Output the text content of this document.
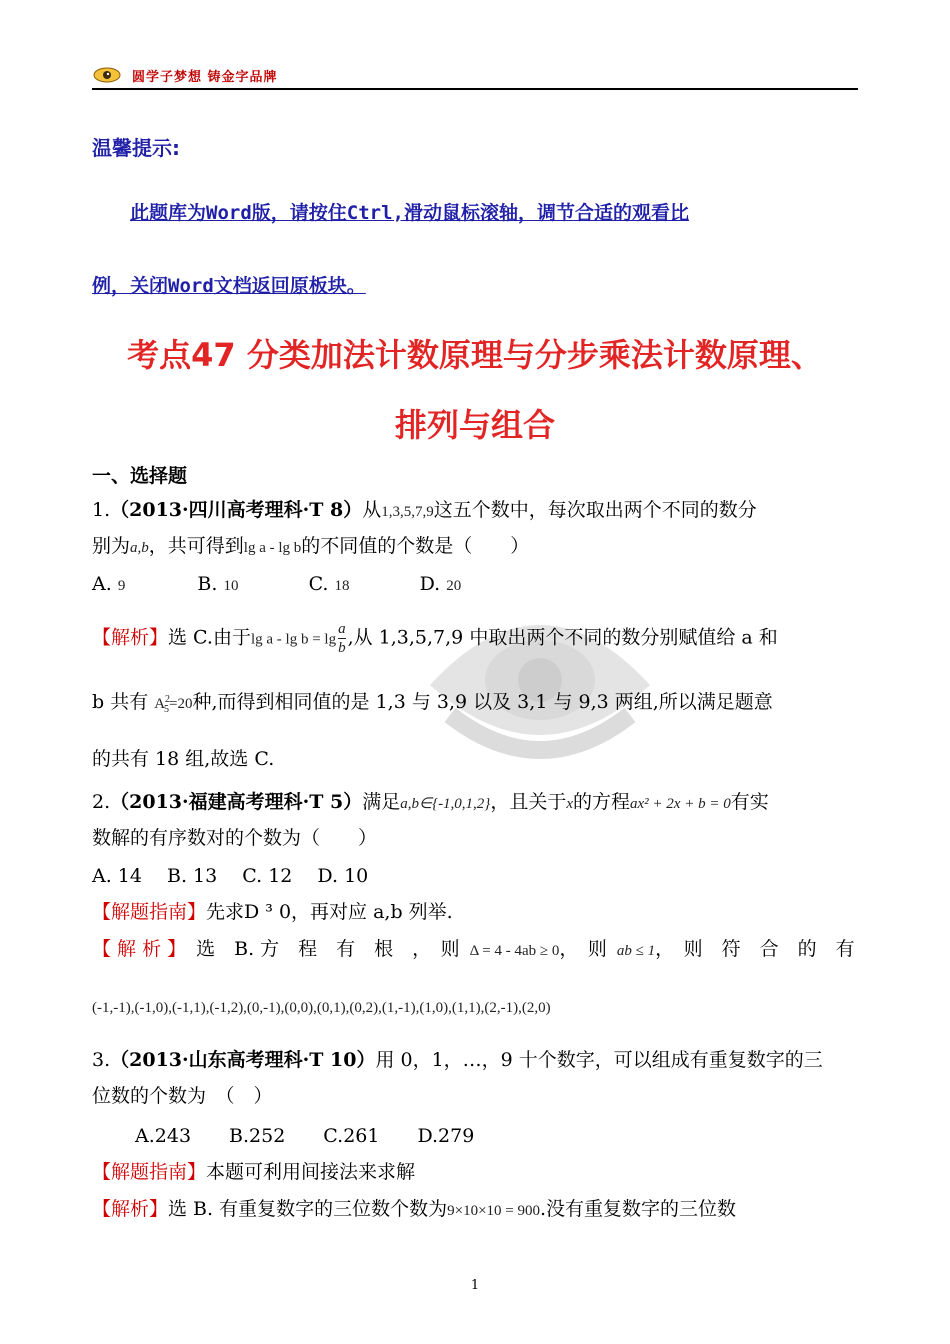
圆学子梦想 铸金字品牌
温馨提示:
此题库为Word版，请按住Ctrl,滑动鼠标滚轴，调节合适的观看比
例，关闭Word文档返回原板块。
考点47 分类加法计数原理与分步乘法计数原理、
排列与组合
一、选择题
1.（2013·四川高考理科·T 8）从1,3,5,7,9这五个数中，每次取出两个不同的数分
别为a,b，共可得到lg a - lg b的不同值的个数是（　　）
A. 9	B. 10	C. 18	D. 20
【解析】选 C.由于$\lg a - \lg b = \lg \frac{a}{b}$ ,从 1,3,5,7,9 中取出两个不同的数分别赋值给 a 和
b 共有 $A^2_5=20$种,而得到相同值的是 1,3 与 3,9 以及 3,1 与 9,3 两组,所以满足题意
的共有 18 组,故选 C.
2.（2013·福建高考理科·T 5）满足a,b∈{-1,0,1,2}，且关于x的方程ax² + 2x + b = 0有实
数解的有序数对的个数为（　　）
A. 14　 B. 13　 C. 12　 D. 10
【解题指南】先求D ³ 0，再对应 a,b 列举.
【 解 析 】 选　B. 方　程　有　根　，　则 Δ = 4 - 4ab ≥ 0，　则 ab ≤ 1，　则　符　合　的　有
(-1,-1),(-1,0),(-1,1),(-1,2),(0,-1),(0,0),(0,1),(0,2),(1,-1),(1,0),(1,1),(2,-1),(2,0)
3.（2013·山东高考理科·T 10）用 0，1，…，9 十个数字，可以组成有重复数字的三
位数的个数为　（　）
A.243　　B.252　　C.261　　D.279
【解题指南】本题可利用间接法来求解
【解析】选 B. 有重复数字的三位数个数为9×10×10 = 900.没有重复数字的三位数
1
